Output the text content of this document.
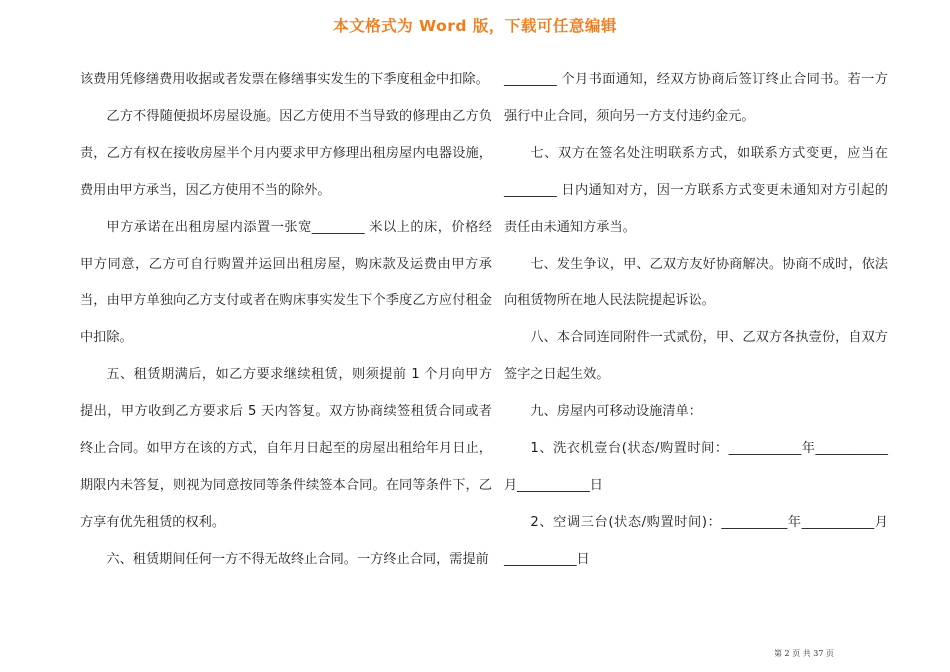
本文格式为 Word 版，下载可任意编辑

该费用凭修缮费用收据或者发票在修缮事实发生的下季度租金中扣除。

乙方不得随便损坏房屋设施。因乙方使用不当导致的修理由乙方负责，乙方有权在接收房屋半个月内要求甲方修理出租房屋内电器设施，费用由甲方承当，因乙方使用不当的除外。

甲方承诺在出租房屋内添置一张宽________ 米以上的床，价格经甲方同意，乙方可自行购置并运回出租房屋，购床款及运费由甲方承当，由甲方单独向乙方支付或者在购床事实发生下个季度乙方应付租金中扣除。

五、租赁期满后，如乙方要求继续租赁，则须提前 1 个月向甲方提出，甲方收到乙方要求后 5 天内答复。双方协商续签租赁合同或者终止合同。如甲方在该的方式，自年月日起至的房屋出租给年月日止，期限内未答复，则视为同意按同等条件续签本合同。在同等条件下，乙方享有优先租赁的权利。

六、租赁期间任何一方不得无故终止合同。一方终止合同，需提前

________ 个月书面通知，经双方协商后签订终止合同书。若一方强行中止合同，须向另一方支付违约金元。

七、双方在签名处注明联系方式，如联系方式变更，应当在________ 日内通知对方，因一方联系方式变更未通知对方引起的责任由未通知方承当。

七、发生争议，甲、乙双方友好协商解决。协商不成时，依法向租赁物所在地人民法院提起诉讼。

八、本合同连同附件一式贰份，甲、乙双方各执壹份，自双方签字之日起生效。

九、房屋内可移动设施清单：

1、洗衣机壹台(状态/购置时间：___________年___________月___________日

2、空调三台(状态/购置时间)：__________年___________月___________日

第 2 页 共 37 页
